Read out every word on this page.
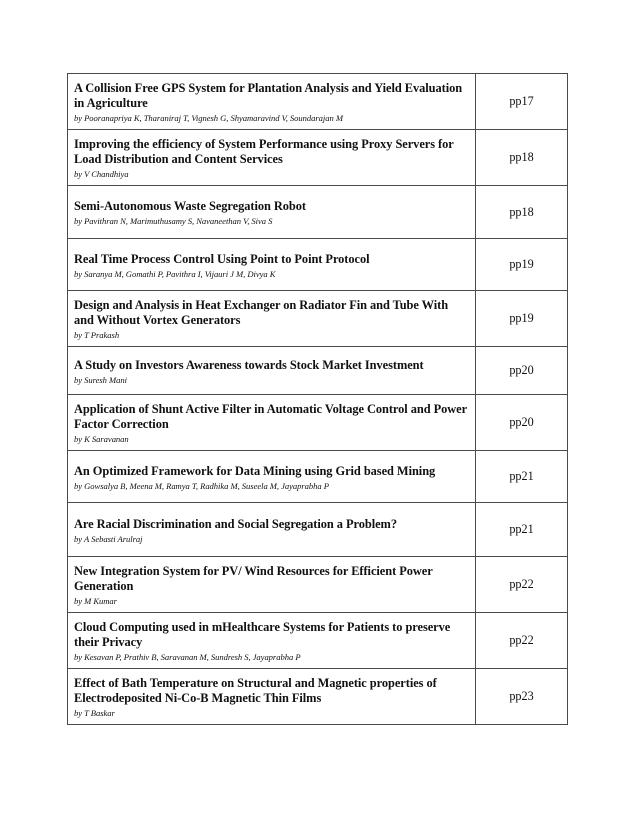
A Collision Free GPS System for Plantation Analysis and Yield Evaluation in Agriculture
by Pooranapriya K, Tharaniraj T, Vignesh G, Shyamaravind V, Soundarajan M	pp17

Improving the efficiency of System Performance using Proxy Servers for Load Distribution and Content Services
by V Chandhiya	pp18

Semi-Autonomous Waste Segregation Robot
by Pavithran N, Marimuthusamy S, Navaneethan V, Siva S	pp18

Real Time Process Control Using Point to Point Protocol
by Saranya M, Gomathi P, Pavithra I, Vijauri J M, Divya K	pp19

Design and Analysis in Heat Exchanger on Radiator Fin and Tube With and Without Vortex Generators
by T Prakash	pp19

A Study on Investors Awareness towards Stock Market Investment
by Suresh Mani	pp20

Application of Shunt Active Filter in Automatic Voltage Control and Power Factor Correction
by K Saravanan	pp20

An Optimized Framework for Data Mining using Grid based Mining
by Gowsalya B, Meena M, Ramya T, Radhika M, Suseela M, Jayaprabha P	pp21

Are Racial Discrimination and Social Segregation a Problem?
by A Sebasti Arulraj	pp21

New Integration System for PV/ Wind Resources for Efficient Power Generation
by M Kumar	pp22

Cloud Computing used in mHealthcare Systems for Patients to preserve their Privacy
by Kesavan P, Prathiv B, Saravanan M, Sundresh S, Jayaprabha P	pp22

Effect of Bath Temperature on Structural and Magnetic properties of Electrodeposited Ni-Co-B Magnetic Thin Films
by T Baskar	pp23
